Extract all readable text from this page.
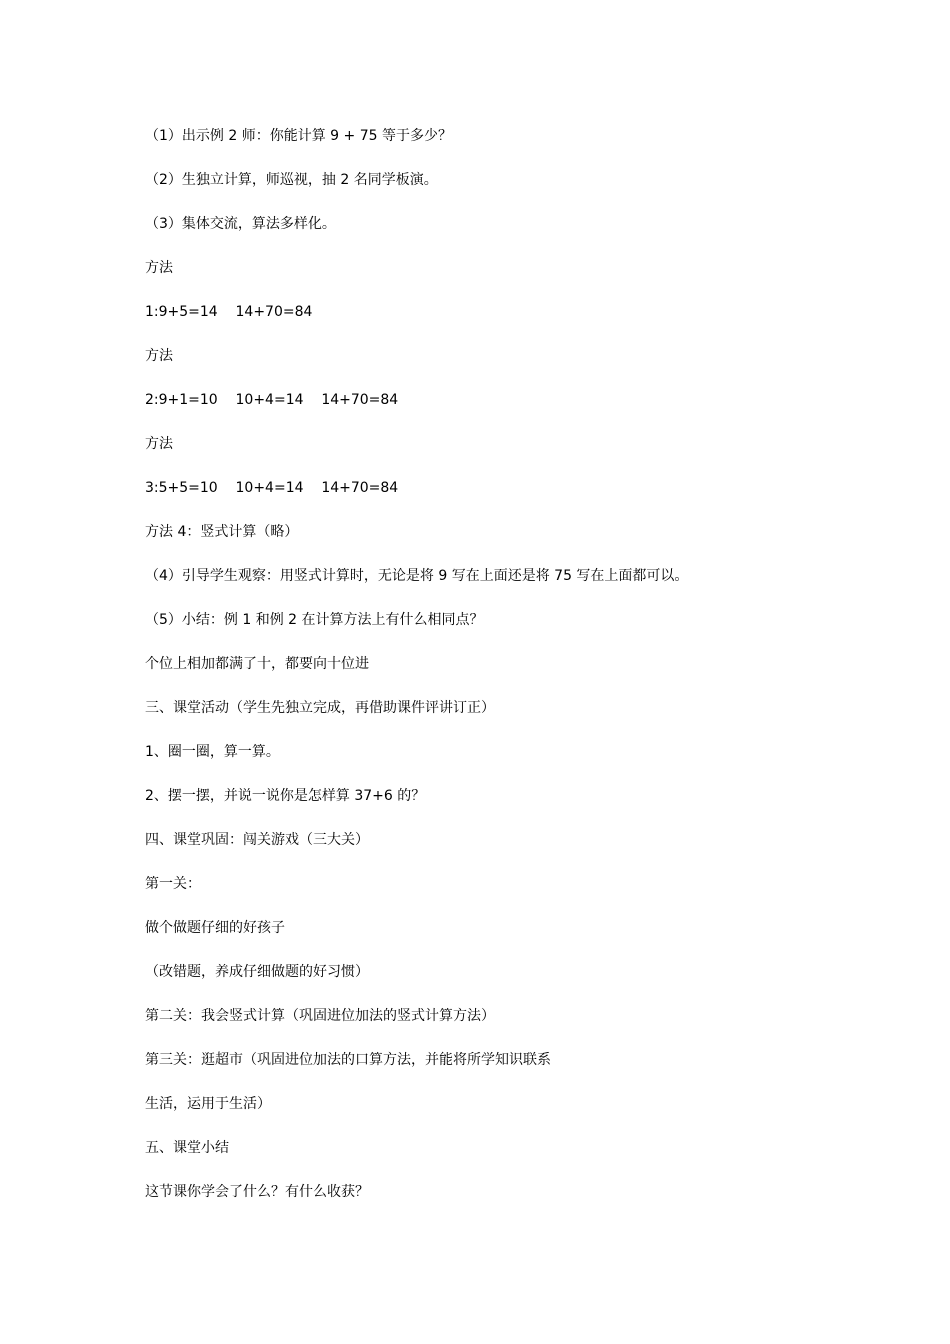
（1）出示例 2 师：你能计算 9 + 75 等于多少？
（2）生独立计算，师巡视，抽 2 名同学板演。
（3）集体交流，算法多样化。
方法
1:9+5=14    14+70=84
方法
2:9+1=10    10+4=14    14+70=84
方法
3:5+5=10    10+4=14    14+70=84
方法 4：竖式计算（略）
（4）引导学生观察：用竖式计算时，无论是将 9 写在上面还是将 75 写在上面都可以。
（5）小结：例 1 和例 2 在计算方法上有什么相同点？
个位上相加都满了十，都要向十位进
三、课堂活动（学生先独立完成，再借助课件评讲订正）
1、圈一圈，算一算。
2、摆一摆，并说一说你是怎样算 37+6 的？
四、课堂巩固：闯关游戏（三大关）
第一关：
做个做题仔细的好孩子
（改错题，养成仔细做题的好习惯）
第二关：我会竖式计算（巩固进位加法的竖式计算方法）
第三关：逛超市（巩固进位加法的口算方法，并能将所学知识联系
生活，运用于生活）
五、课堂小结
这节课你学会了什么？有什么收获？
